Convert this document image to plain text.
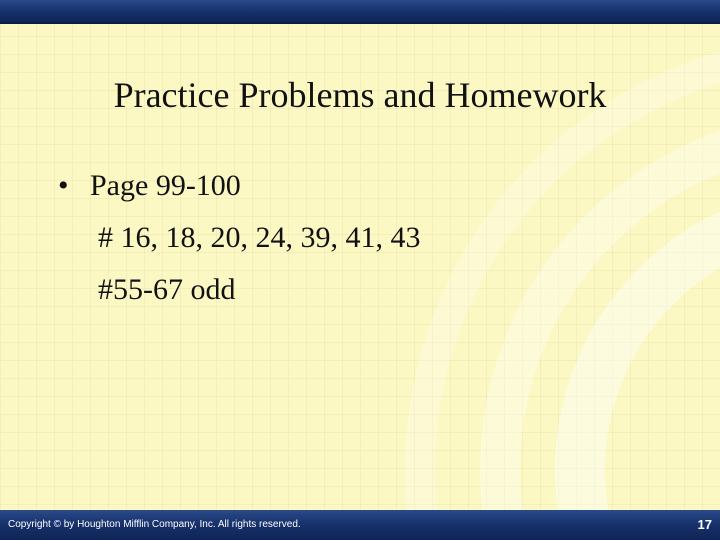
Practice Problems and Homework
• Page 99-100
# 16, 18, 20, 24, 39, 41, 43
#55-67 odd
Copyright © by Houghton Mifflin Company, Inc. All rights reserved.	17
